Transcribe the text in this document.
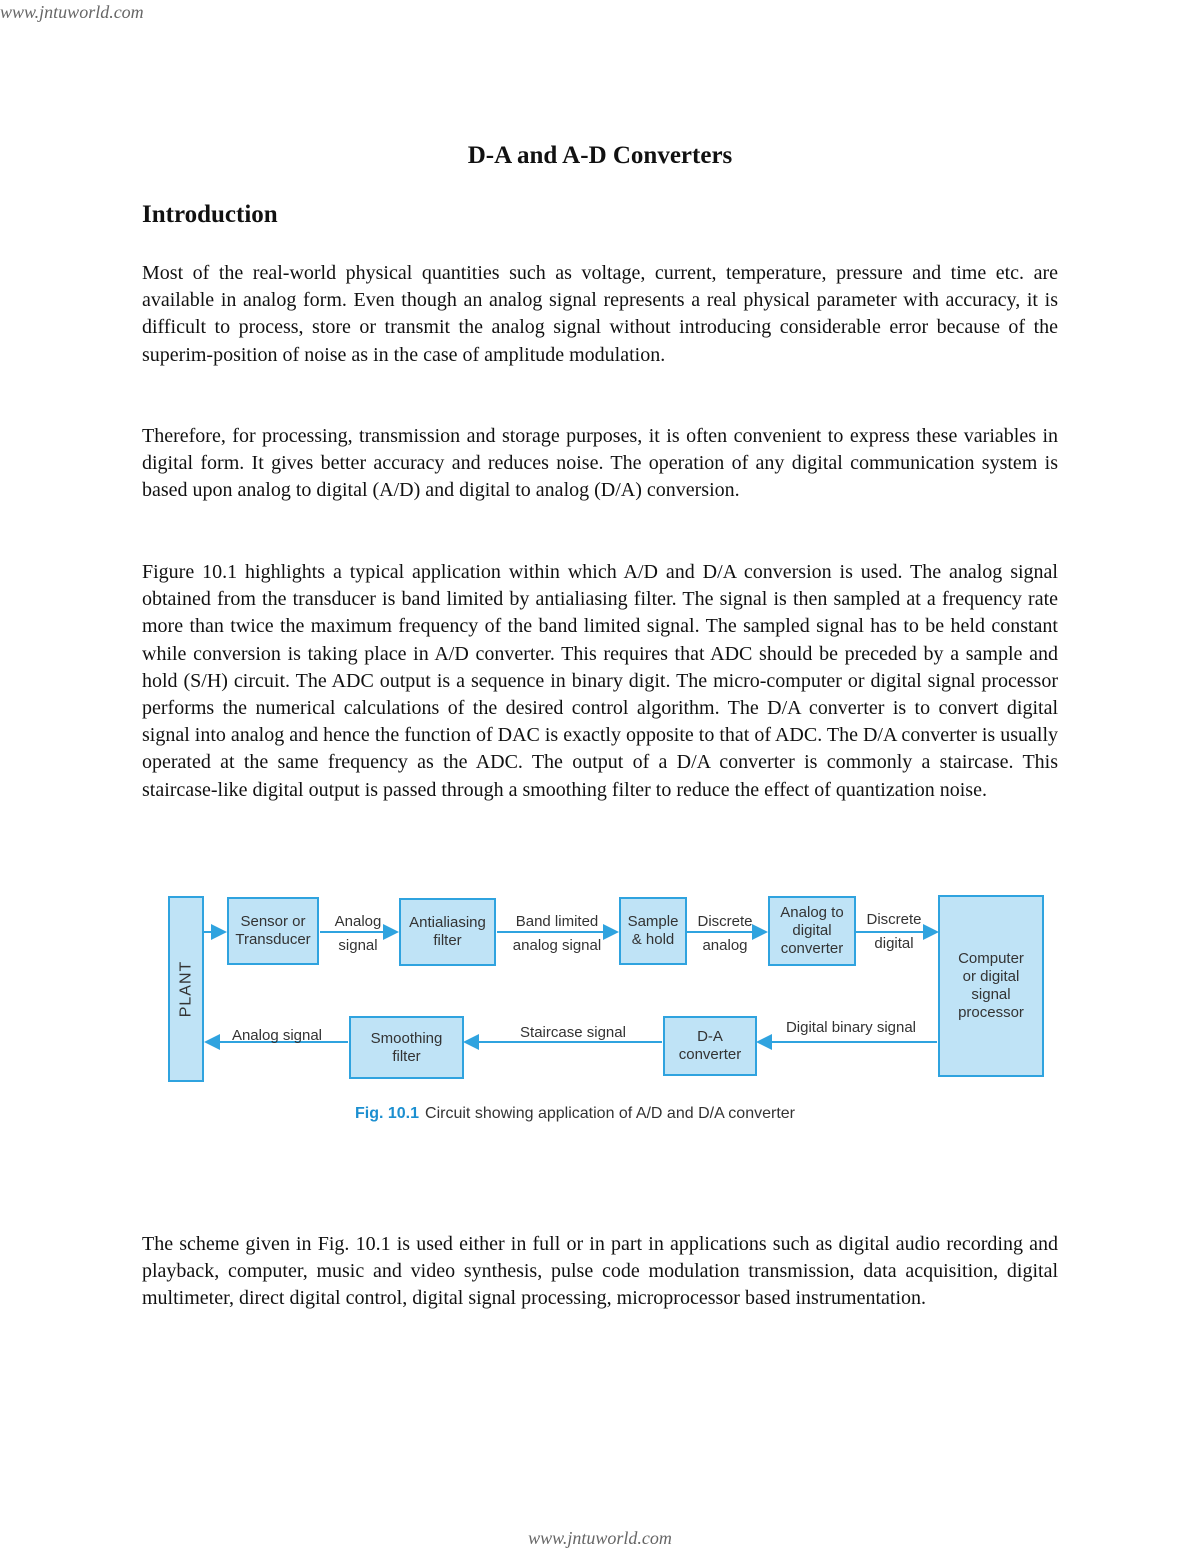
www.jntuworld.com
D-A and A-D Converters
Introduction

Most of the real-world physical quantities such as voltage, current, temperature, pressure and time etc. are available in analog form. Even though an analog signal represents a real physical parameter with accuracy, it is difficult to process, store or transmit the analog signal without introducing considerable error because of the superim-position of noise as in the case of amplitude modulation.

Therefore, for processing, transmission and storage purposes, it is often convenient to express these variables in digital form. It gives better accuracy and reduces noise. The operation of any digital communication system is based upon analog to digital (A/D) and digital to analog (D/A) conversion.

Figure 10.1 highlights a typical application within which A/D and D/A conversion is used. The analog signal obtained from the transducer is band limited by antialiasing filter. The signal is then sampled at a frequency rate more than twice the maximum frequency of the band limited signal. The sampled signal has to be held constant while conversion is taking place in A/D converter. This requires that ADC should be preceded by a sample and hold (S/H) circuit. The ADC output is a sequence in binary digit. The micro-computer or digital signal processor performs the numerical calculations of the desired control algorithm. The D/A converter is to convert digital signal into analog and hence the function of DAC is exactly opposite to that of ADC. The D/A converter is usually operated at the same frequency as the ADC. The output of a D/A converter is commonly a staircase. This staircase-like digital output is passed through a smoothing filter to reduce the effect of quantization noise.

PLANT
Sensor or
Transducer
Antialiasing
filter
Sample
& hold
Analog to
digital
converter
Computer
or digital
signal
processor
Smoothing
filter
D-A
converter
Analog
signal
Band limited
analog signal
Discrete
analog
Discrete
digital
Digital binary signal
Staircase signal
Analog signal

Fig. 10.1 Circuit showing application of A/D and D/A converter

The scheme given in Fig. 10.1 is used either in full or in part in applications such as digital audio recording and playback, computer, music and video synthesis, pulse code modulation transmission, data acquisition, digital multimeter, direct digital control, digital signal processing, microprocessor based instrumentation.

www.jntuworld.com
